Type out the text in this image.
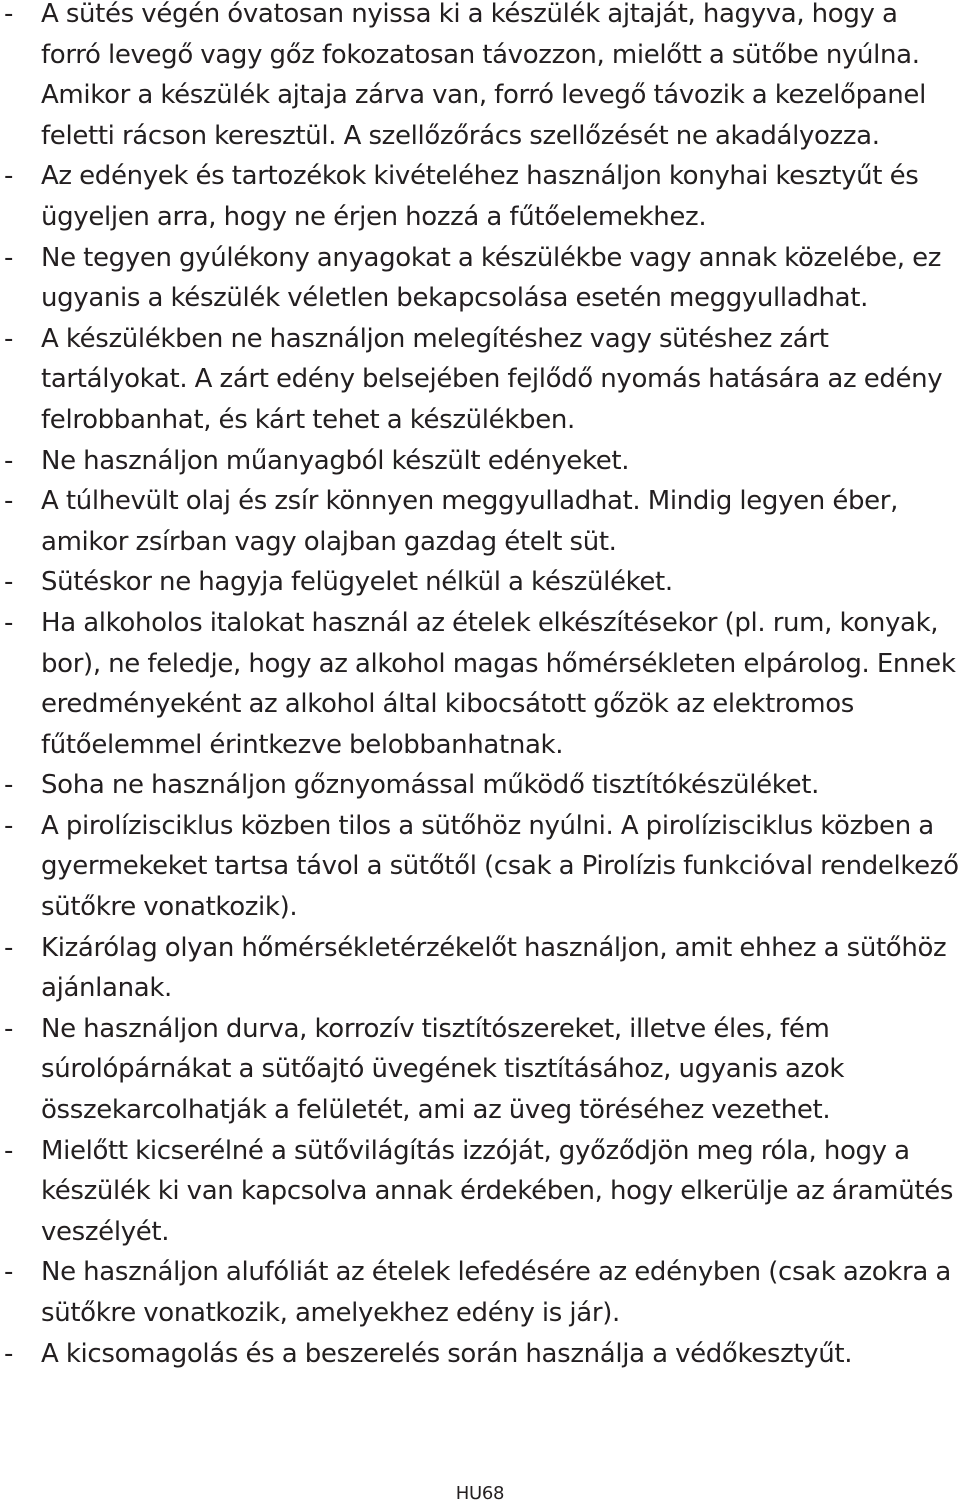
- A sütés végén óvatosan nyissa ki a készülék ajtaját, hagyva, hogy a forró levegő vagy gőz fokozatosan távozzon, mielőtt a sütőbe nyúlna. Amikor a készülék ajtaja zárva van, forró levegő távozik a kezelőpanel feletti rácson keresztül. A szellőzőrács szellőzését ne akadályozza.
- Az edények és tartozékok kivételéhez használjon konyhai kesztyűt és ügyeljen arra, hogy ne érjen hozzá a fűtőelemekhez.
- Ne tegyen gyúlékony anyagokat a készülékbe vagy annak közelébe, ez ugyanis a készülék véletlen bekapcsolása esetén meggyulladhat.
- A készülékben ne használjon melegítéshez vagy sütéshez zárt tartályokat. A zárt edény belsejében fejlődő nyomás hatására az edény felrobbanhat, és kárt tehet a készülékben.
- Ne használjon műanyagból készült edényeket.
- A túlhevült olaj és zsír könnyen meggyulladhat. Mindig legyen éber, amikor zsírban vagy olajban gazdag ételt süt.
- Sütéskor ne hagyja felügyelet nélkül a készüléket.
- Ha alkoholos italokat használ az ételek elkészítésekor (pl. rum, konyak, bor), ne feledje, hogy az alkohol magas hőmérsékleten elpárolog. Ennek eredményeként az alkohol által kibocsátott gőzök az elektromos fűtőelemmel érintkezve belobbanhatnak.
- Soha ne használjon gőznyomással működő tisztítókészüléket.
- A pirolízisciklus közben tilos a sütőhöz nyúlni. A pirolízisciklus közben a gyermekeket tartsa távol a sütőtől (csak a Pirolízis funkcióval rendelkező sütőkre vonatkozik).
- Kizárólag olyan hőmérsékletérzékelőt használjon, amit ehhez a sütőhöz ajánlanak.
- Ne használjon durva, korrozív tisztítószereket, illetve éles, fém súrolópárnákat a sütőajtó üvegének tisztításához, ugyanis azok összekarcolhatják a felületét, ami az üveg töréséhez vezethet.
- Mielőtt kicserélné a sütővilágítás izzóját, győződjön meg róla, hogy a készülék ki van kapcsolva annak érdekében, hogy elkerülje az áramütés veszélyét.
- Ne használjon alufóliát az ételek lefedésére az edényben (csak azokra a sütőkre vonatkozik, amelyekhez edény is jár).
- A kicsomagolás és a beszerelés során használja a védőkesztyűt.
HU68
